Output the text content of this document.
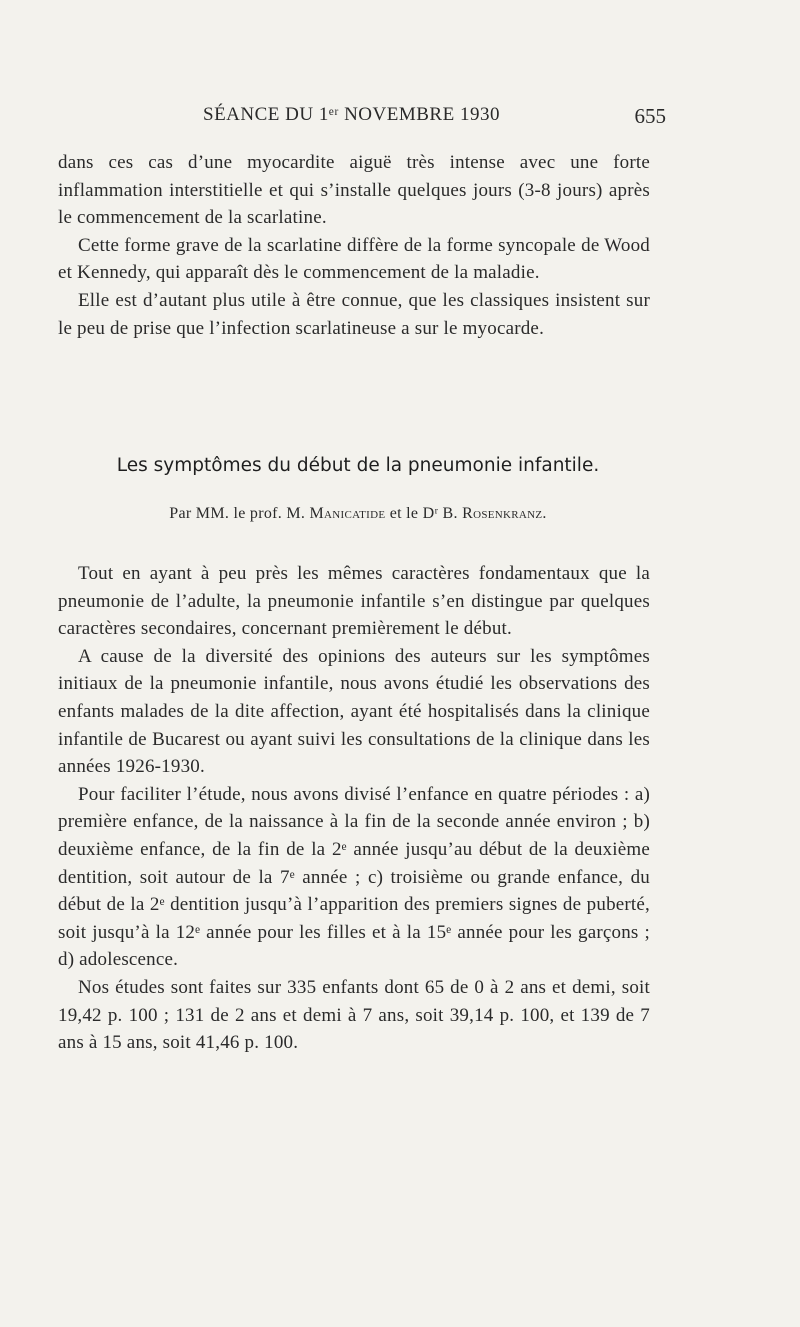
SÉANCE DU 1ᵉʳ NOVEMBRE 1930	655

dans ces cas d’une myocardite aiguë très intense avec une forte inflammation interstitielle et qui s’installe quelques jours (3-8 jours) après le commencement de la scarlatine.

Cette forme grave de la scarlatine diffère de la forme syncopale de Wood et Kennedy, qui apparaît dès le commencement de la maladie.

Elle est d’autant plus utile à être connue, que les classiques insistent sur le peu de prise que l’infection scarlatineuse a sur le myocarde.

Les symptômes du début de la pneumonie infantile.
Par MM. le prof. M. Manicatide et le Dʳ B. Rosenkranz.

Tout en ayant à peu près les mêmes caractères fondamentaux que la pneumonie de l’adulte, la pneumonie infantile s’en distingue par quelques caractères secondaires, concernant premièrement le début.

A cause de la diversité des opinions des auteurs sur les symptômes initiaux de la pneumonie infantile, nous avons étudié les observations des enfants malades de la dite affection, ayant été hospitalisés dans la clinique infantile de Bucarest ou ayant suivi les consultations de la clinique dans les années 1926-1930.

Pour faciliter l’étude, nous avons divisé l’enfance en quatre périodes : a) première enfance, de la naissance à la fin de la seconde année environ ; b) deuxième enfance, de la fin de la 2ᵉ année jusqu’au début de la deuxième dentition, soit autour de la 7ᵉ année ; c) troisième ou grande enfance, du début de la 2ᵉ dentition jusqu’à l’apparition des premiers signes de puberté, soit jusqu’à la 12ᵉ année pour les filles et à la 15ᵉ année pour les garçons ; d) adolescence.

Nos études sont faites sur 335 enfants dont 65 de 0 à 2 ans et demi, soit 19,42 p. 100 ; 131 de 2 ans et demi à 7 ans, soit 39,14 p. 100, et 139 de 7 ans à 15 ans, soit 41,46 p. 100.
